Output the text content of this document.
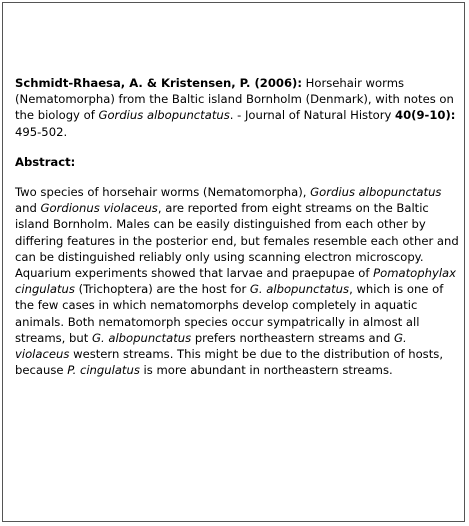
Schmidt-Rhaesa, A. & Kristensen, P. (2006): Horsehair worms (Nematomorpha) from the Baltic island Bornholm (Denmark), with notes on the biology of Gordius albopunctatus. - Journal of Natural History 40(9-10): 495-502.

Abstract:

Two species of horsehair worms (Nematomorpha), Gordius albopunctatus and Gordionus violaceus, are reported from eight streams on the Baltic island Bornholm. Males can be easily distinguished from each other by differing features in the posterior end, but females resemble each other and can be distinguished reliably only using scanning electron microscopy. Aquarium experiments showed that larvae and praepupae of Pomatophylax cingulatus (Trichoptera) are the host for G. albopunctatus, which is one of the few cases in which nematomorphs develop completely in aquatic animals. Both nematomorph species occur sympatrically in almost all streams, but G. albopunctatus prefers northeastern streams and G. violaceus western streams. This might be due to the distribution of hosts, because P. cingulatus is more abundant in northeastern streams.
